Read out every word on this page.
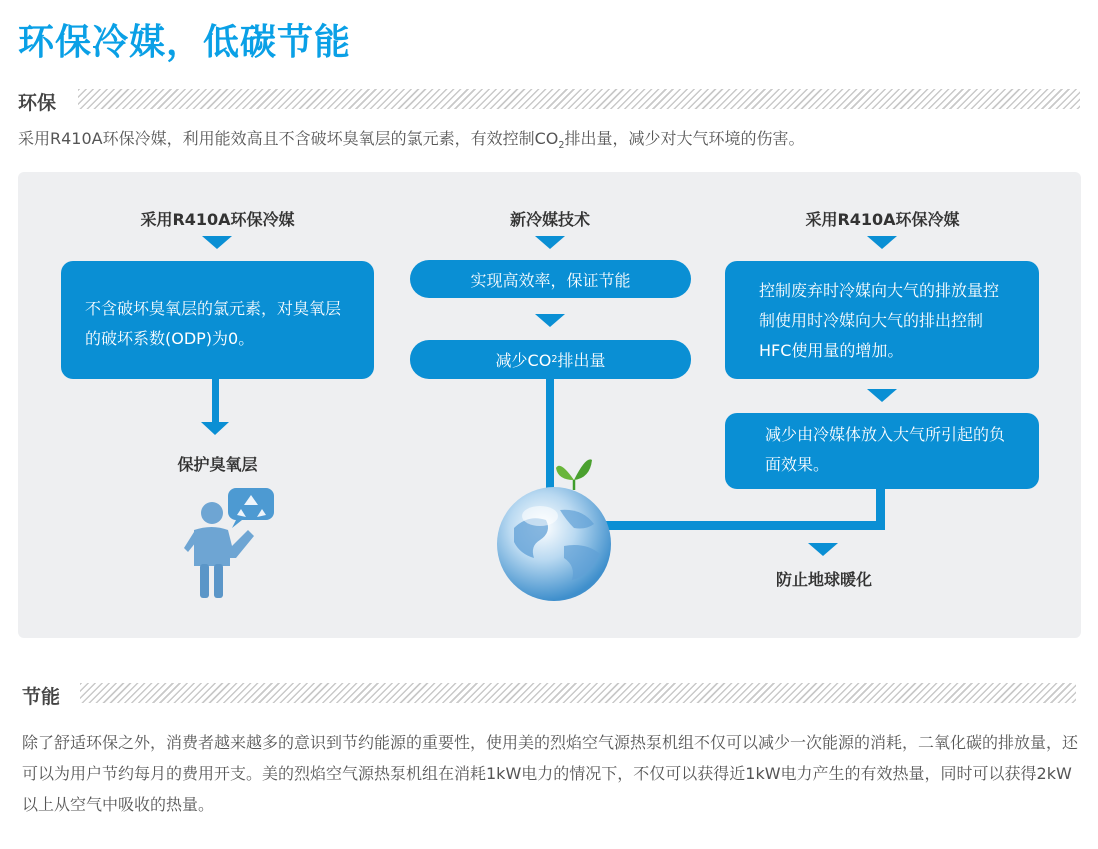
环保冷媒，低碳节能
环保
采用R410A环保冷媒，利用能效高且不含破坏臭氧层的氯元素，有效控制$CO_2$排出量，减少对大气环境的伤害。
采用R410A环保冷媒
不含破坏臭氧层的氯元素，对臭氧层的破坏系数(ODP)为0。
保护臭氧层
新冷媒技术
实现高效率，保证节能
减少CO 2 排出量
采用R410A环保冷媒
控制废弃时冷媒向大气的排放量控制使用时冷媒向大气的排出控制HFC使用量的增加。
减少由冷媒体放入大气所引起的负面效果。
防止地球暖化
节能
除了舒适环保之外，消费者越来越多的意识到节约能源的重要性，使用美的烈焰空气源热泵机组不仅可以减少一次能源的消耗，二氧化碳的排放量，还可以为用户节约每月的费用开支。美的烈焰空气源热泵机组在消耗1kW电力的情况下，不仅可以获得近1kW电力产生的有效热量，同时可以获得2kW以上从空气中吸收的热量。
